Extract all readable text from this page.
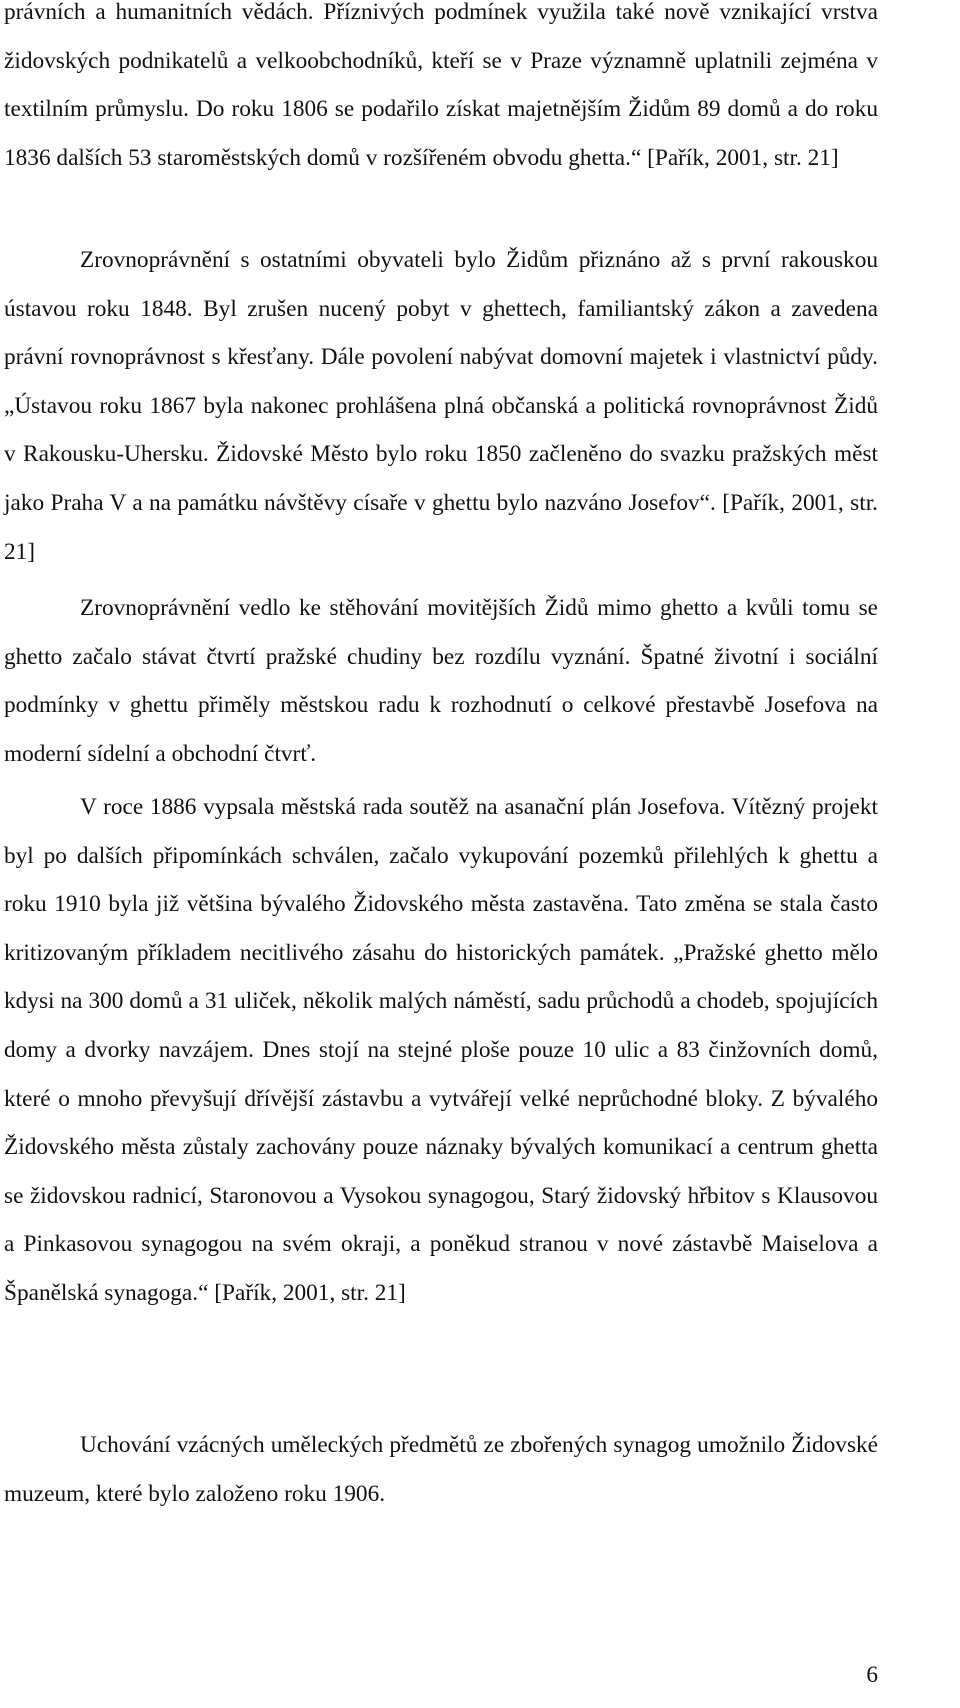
právních a humanitních vědách. Příznivých podmínek využila také nově vznikající vrstva židovských podnikatelů a velkoobchodníků, kteří se v Praze významně uplatnili zejména v textilním průmyslu. Do roku 1806 se podařilo získat majetnějším Židům 89 domů a do roku 1836 dalších 53 staroměstských domů v rozšířeném obvodu ghetta.“ [Pařík, 2001, str. 21]

Zrovnoprávnění s ostatními obyvateli bylo Židům přiznáno až s první rakouskou ústavou roku 1848. Byl zrušen nucený pobyt v ghettech, familiantský zákon a zavedena právní rovnoprávnost s křesťany. Dále povolení nabývat domovní majetek i vlastnictví půdy. „Ústavou roku 1867 byla nakonec prohlášena plná občanská a politická rovnoprávnost Židů v Rakousku-Uhersku. Židovské Město bylo roku 1850 začleněno do svazku pražských měst jako Praha V a na památku návštěvy císaře v ghettu bylo nazváno Josefov“. [Pařík, 2001, str. 21]

Zrovnoprávnění vedlo ke stěhování movitějších Židů mimo ghetto a kvůli tomu se ghetto začalo stávat čtvrtí pražské chudiny bez rozdílu vyznání. Špatné životní i sociální podmínky v ghettu přiměly městskou radu k rozhodnutí o celkové přestavbě Josefova na moderní sídelní a obchodní čtvrť.

V roce 1886 vypsala městská rada soutěž na asanační plán Josefova. Vítězný projekt byl po dalších připomínkách schválen, začalo vykupování pozemků přilehlých k ghettu a roku 1910 byla již většina bývalého Židovského města zastavěna. Tato změna se stala často kritizovaným příkladem necitlivého zásahu do historických památek. „Pražské ghetto mělo kdysi na 300 domů a 31 uliček, několik malých náměstí, sadu průchodů a chodeb, spojujících domy a dvorky navzájem. Dnes stojí na stejné ploše pouze 10 ulic a 83 činžovních domů, které o mnoho převyšují dřívější zástavbu a vytvářejí velké neprůchodné bloky. Z bývalého Židovského města zůstaly zachovány pouze náznaky bývalých komunikací a centrum ghetta se židovskou radnicí, Staronovou a Vysokou synagogou, Starý židovský hřbitov s Klausovou a Pinkasovou synagogou na svém okraji, a poněkud stranou v nové zástavbě Maiselova a Španělská synagoga.“ [Pařík, 2001, str. 21]

Uchování vzácných uměleckých předmětů ze zbořených synagog umožnilo Židovské muzeum, které bylo založeno roku 1906.

6
